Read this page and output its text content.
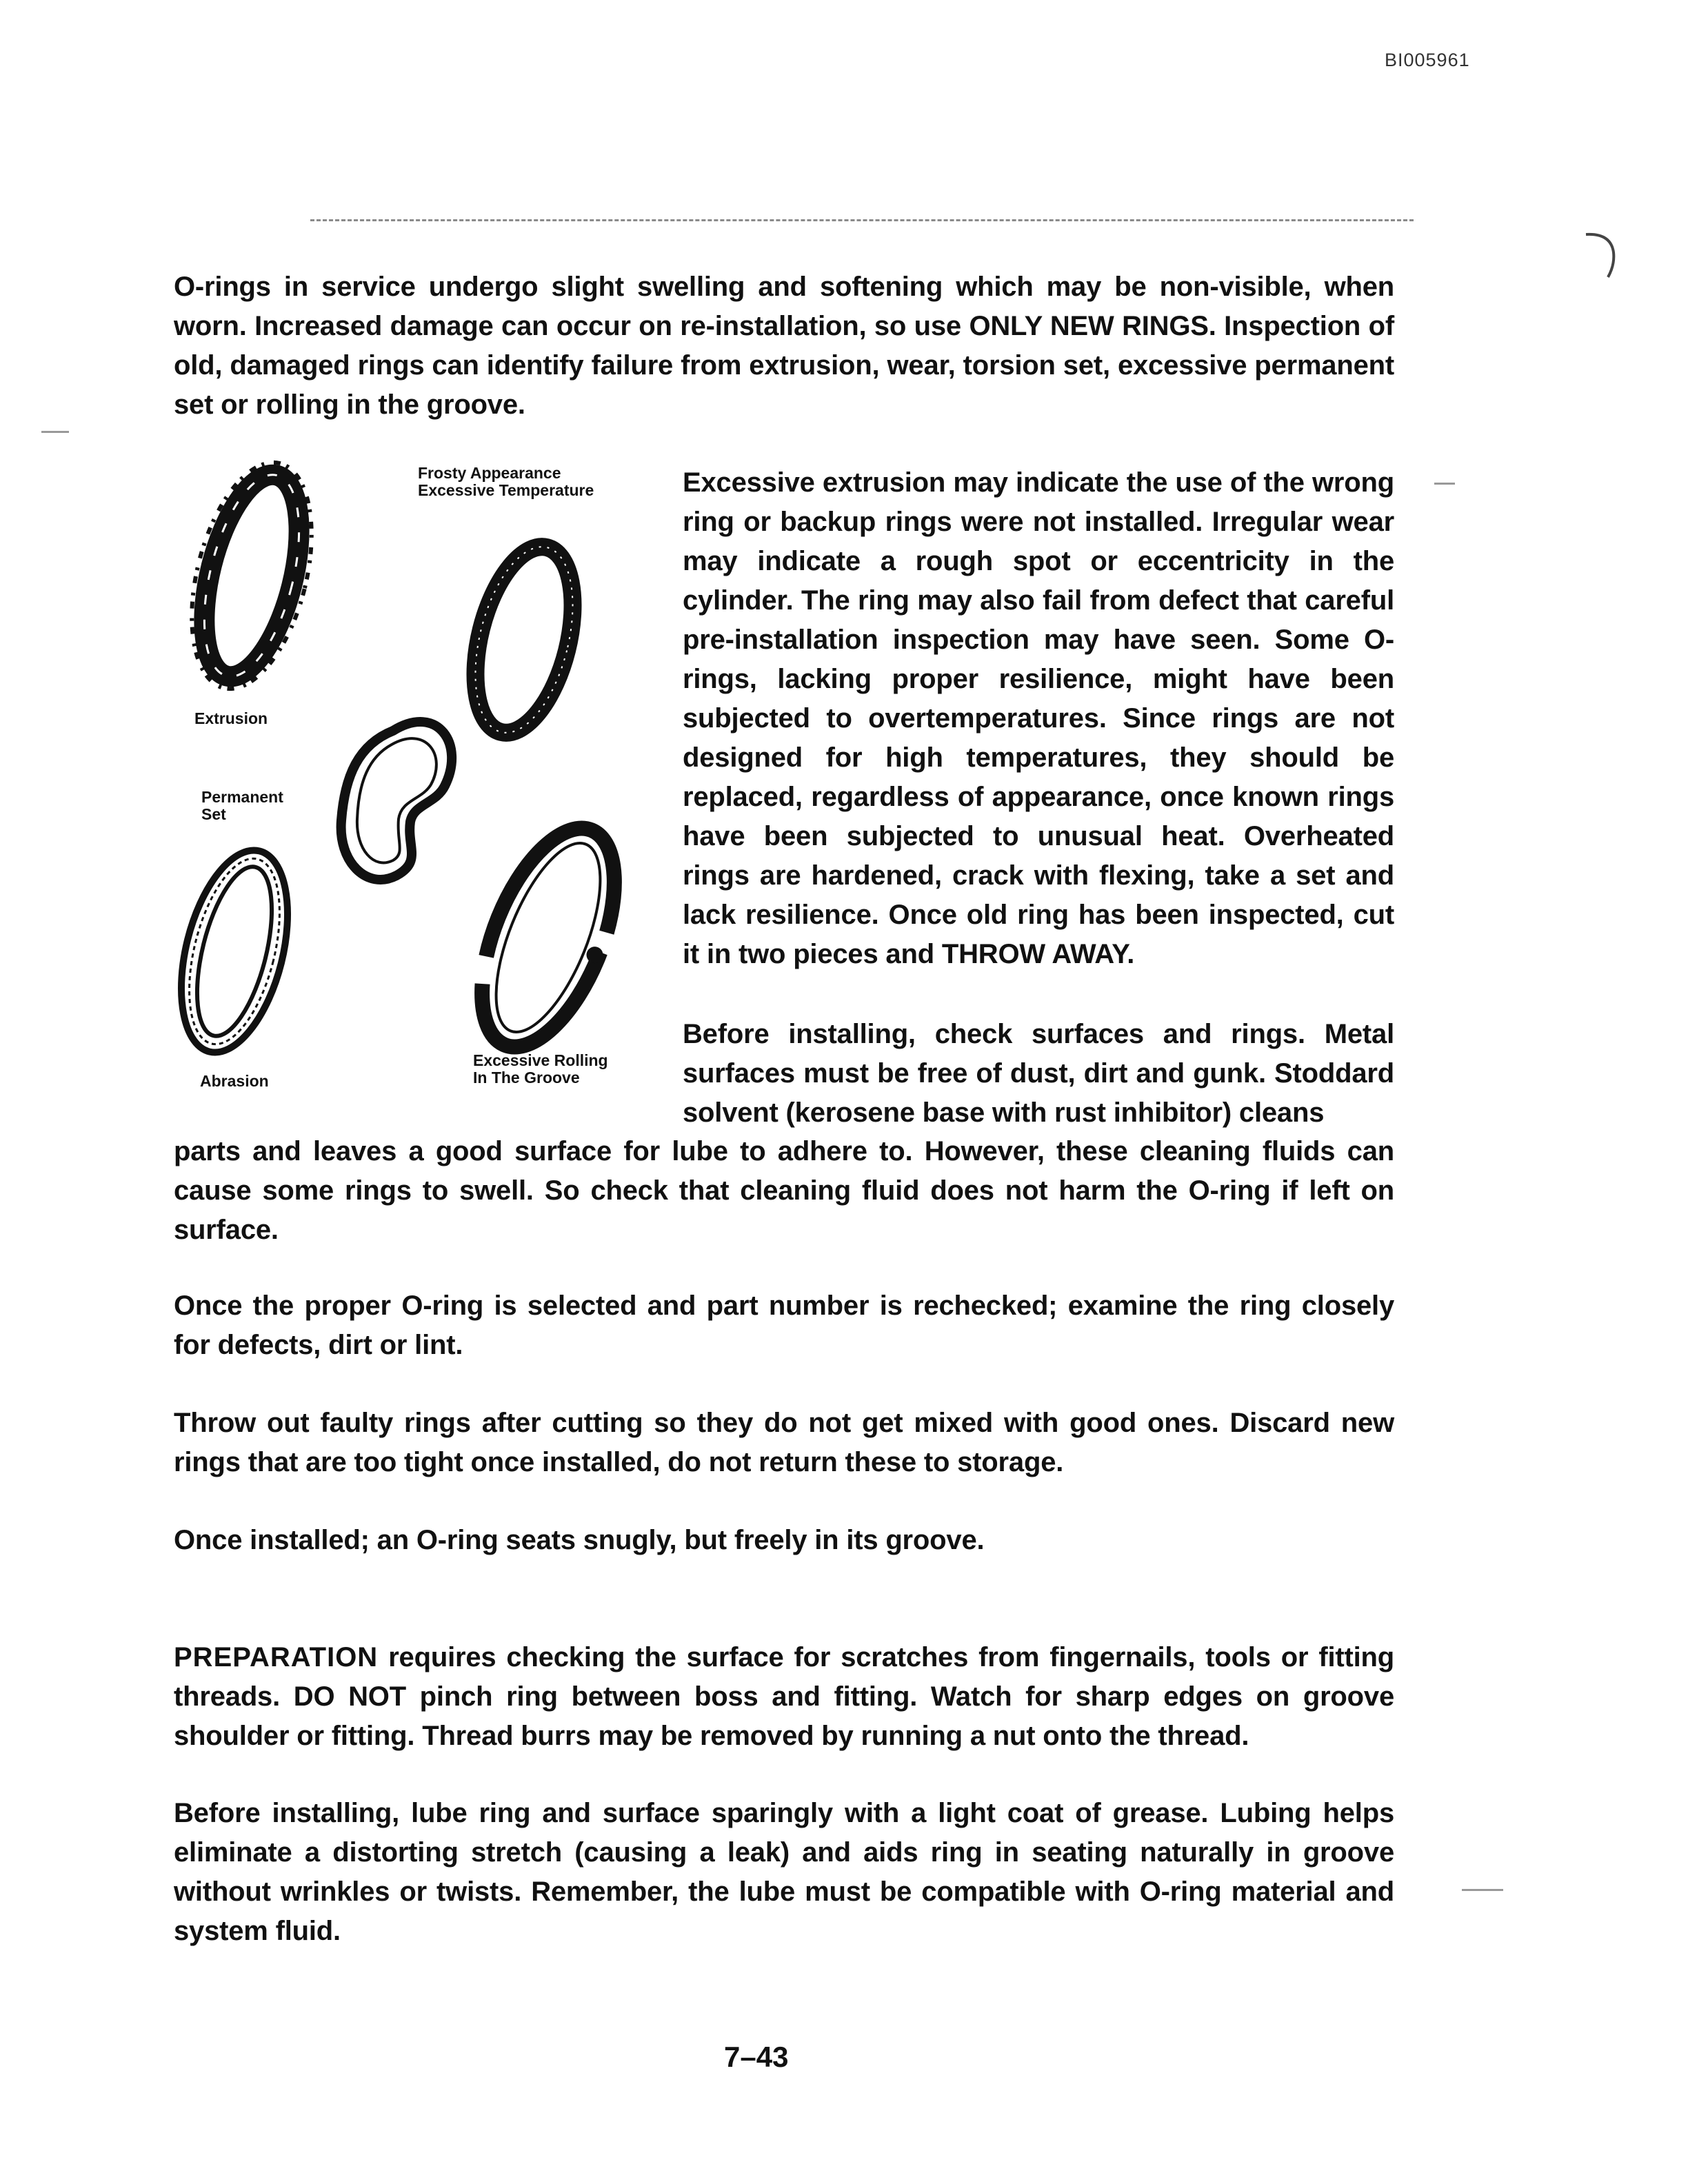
BI005961

O-rings in service undergo slight swelling and softening which may be non-visible, when worn. Increased damage can occur on re-installation, so use ONLY NEW RINGS. Inspection of old, damaged rings can identify failure from extrusion, wear, torsion set, excessive permanent set or rolling in the groove.

Frosty Appearance
Excessive Temperature
Extrusion
Permanent
Set
Abrasion
Excessive Rolling
In The Groove

Excessive extrusion may indicate the use of the wrong ring or backup rings were not installed. Irregular wear may indicate a rough spot or eccentricity in the cylinder. The ring may also fail from defect that careful pre-installation inspection may have seen. Some O-rings, lacking proper resilience, might have been subjected to overtemperatures. Since rings are not designed for high temperatures, they should be replaced, regardless of appearance, once known rings have been subjected to unusual heat. Overheated rings are hardened, crack with flexing, take a set and lack resilience. Once old ring has been inspected, cut it in two pieces and THROW AWAY.

Before installing, check surfaces and rings. Metal surfaces must be free of dust, dirt and gunk. Stoddard solvent (kerosene base with rust inhibitor) cleans

parts and leaves a good surface for lube to adhere to. However, these cleaning fluids can cause some rings to swell. So check that cleaning fluid does not harm the O-ring if left on surface.

Once the proper O-ring is selected and part number is rechecked; examine the ring closely for defects, dirt or lint.

Throw out faulty rings after cutting so they do not get mixed with good ones. Discard new rings that are too tight once installed, do not return these to storage.

Once installed; an O-ring seats snugly, but freely in its groove.

PREPARATION requires checking the surface for scratches from fingernails, tools or fitting threads. DO NOT pinch ring between boss and fitting. Watch for sharp edges on groove shoulder or fitting. Thread burrs may be removed by running a nut onto the thread.

Before installing, lube ring and surface sparingly with a light coat of grease. Lubing helps eliminate a distorting stretch (causing a leak) and aids ring in seating naturally in groove without wrinkles or twists. Remember, the lube must be compatible with O-ring material and system fluid.

7–43
